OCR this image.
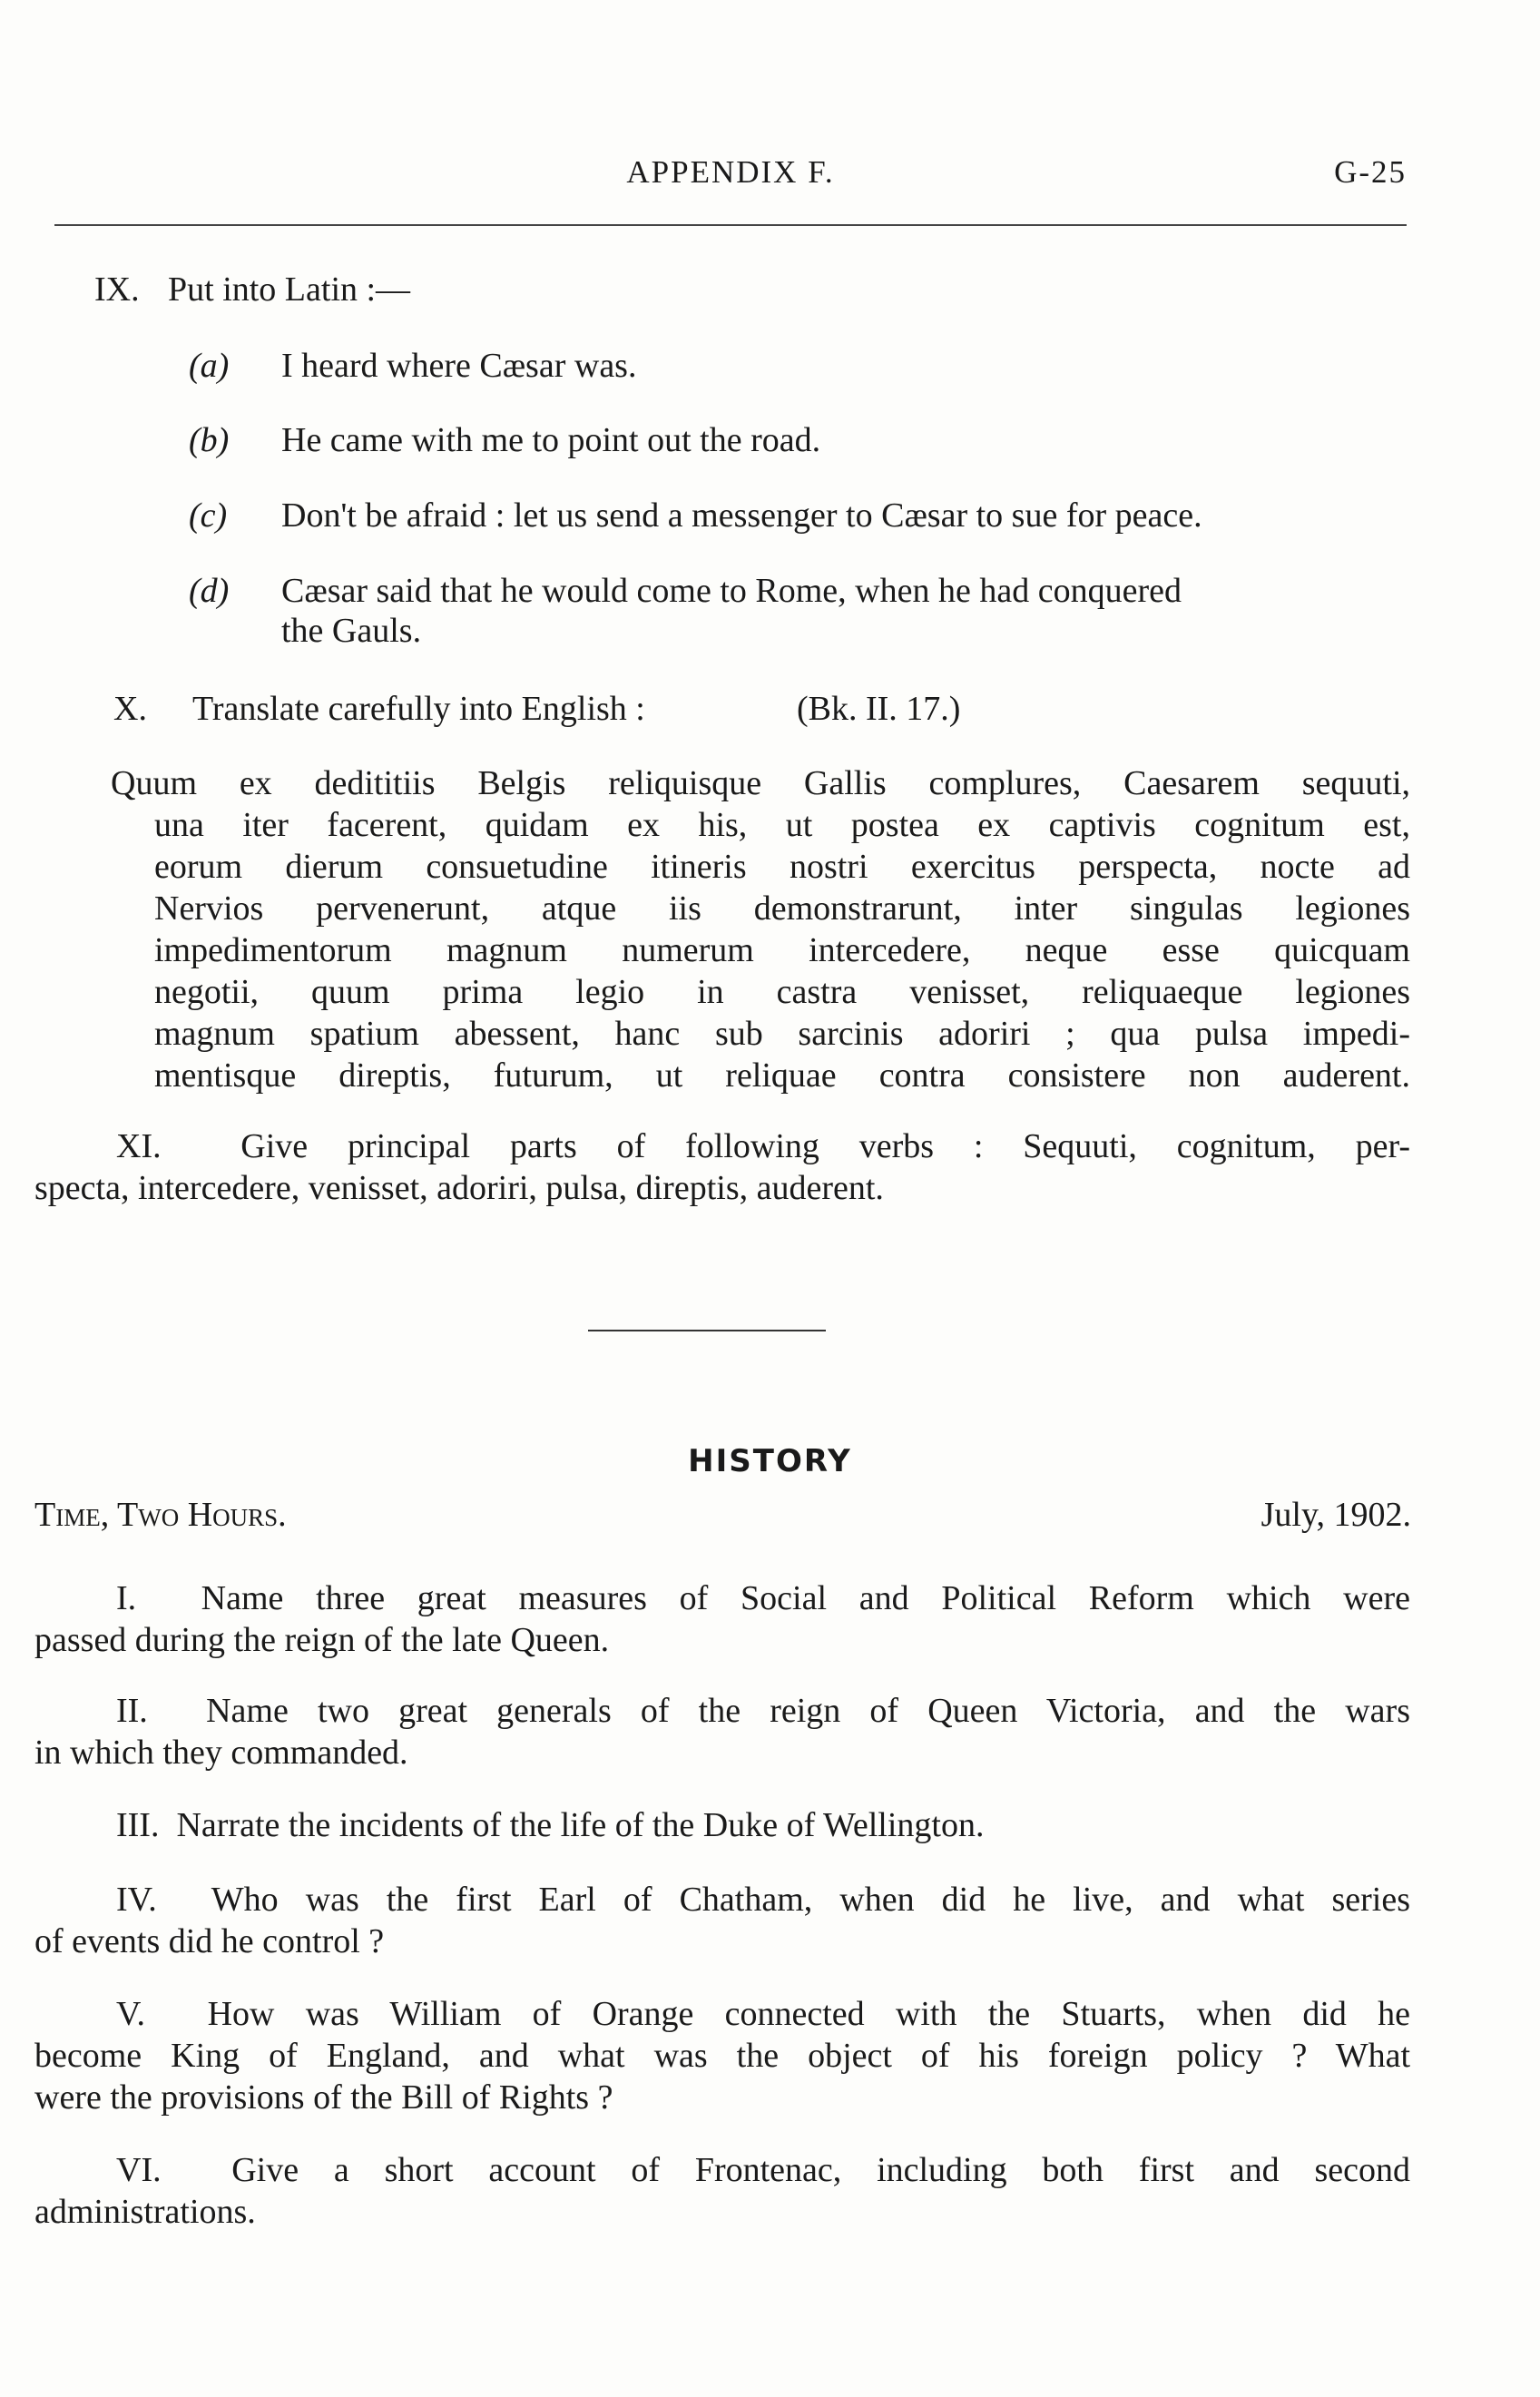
APPENDIX F.	G-25
IX. Put into Latin :—
(a) I heard where Cæsar was.
(b) He came with me to point out the road.
(c) Don't be afraid : let us send a messenger to Cæsar to sue for peace.
(d) Cæsar said that he would come to Rome, when he had conquered
the Gauls.
X. Translate carefully into English :	(Bk. II. 17.)
Quum ex dedititiis Belgis reliquisque Gallis complures, Caesarem sequuti,
una iter facerent, quidam ex his, ut postea ex captivis cognitum est,
eorum dierum consuetudine itineris nostri exercitus perspecta, nocte ad
Nervios pervenerunt, atque iis demonstrarunt, inter singulas legiones
impedimentorum magnum numerum intercedere, neque esse quicquam
negotii, quum prima legio in castra venisset, reliquaeque legiones
magnum spatium abessent, hanc sub sarcinis adoriri ; qua pulsa impedi-
mentisque direptis, futurum, ut reliquae contra consistere non auderent.
XI. Give principal parts of following verbs : Sequuti, cognitum, per-
specta, intercedere, venisset, adoriri, pulsa, direptis, auderent.
HISTORY
Time, Two Hours.	July, 1902.
I. Name three great measures of Social and Political Reform which were
passed during the reign of the late Queen.
II. Name two great generals of the reign of Queen Victoria, and the wars
in which they commanded.
III. Narrate the incidents of the life of the Duke of Wellington.
IV. Who was the first Earl of Chatham, when did he live, and what series
of events did he control ?
V. How was William of Orange connected with the Stuarts, when did he
become King of England, and what was the object of his foreign policy ? What
were the provisions of the Bill of Rights ?
VI. Give a short account of Frontenac, including both first and second
administrations.
